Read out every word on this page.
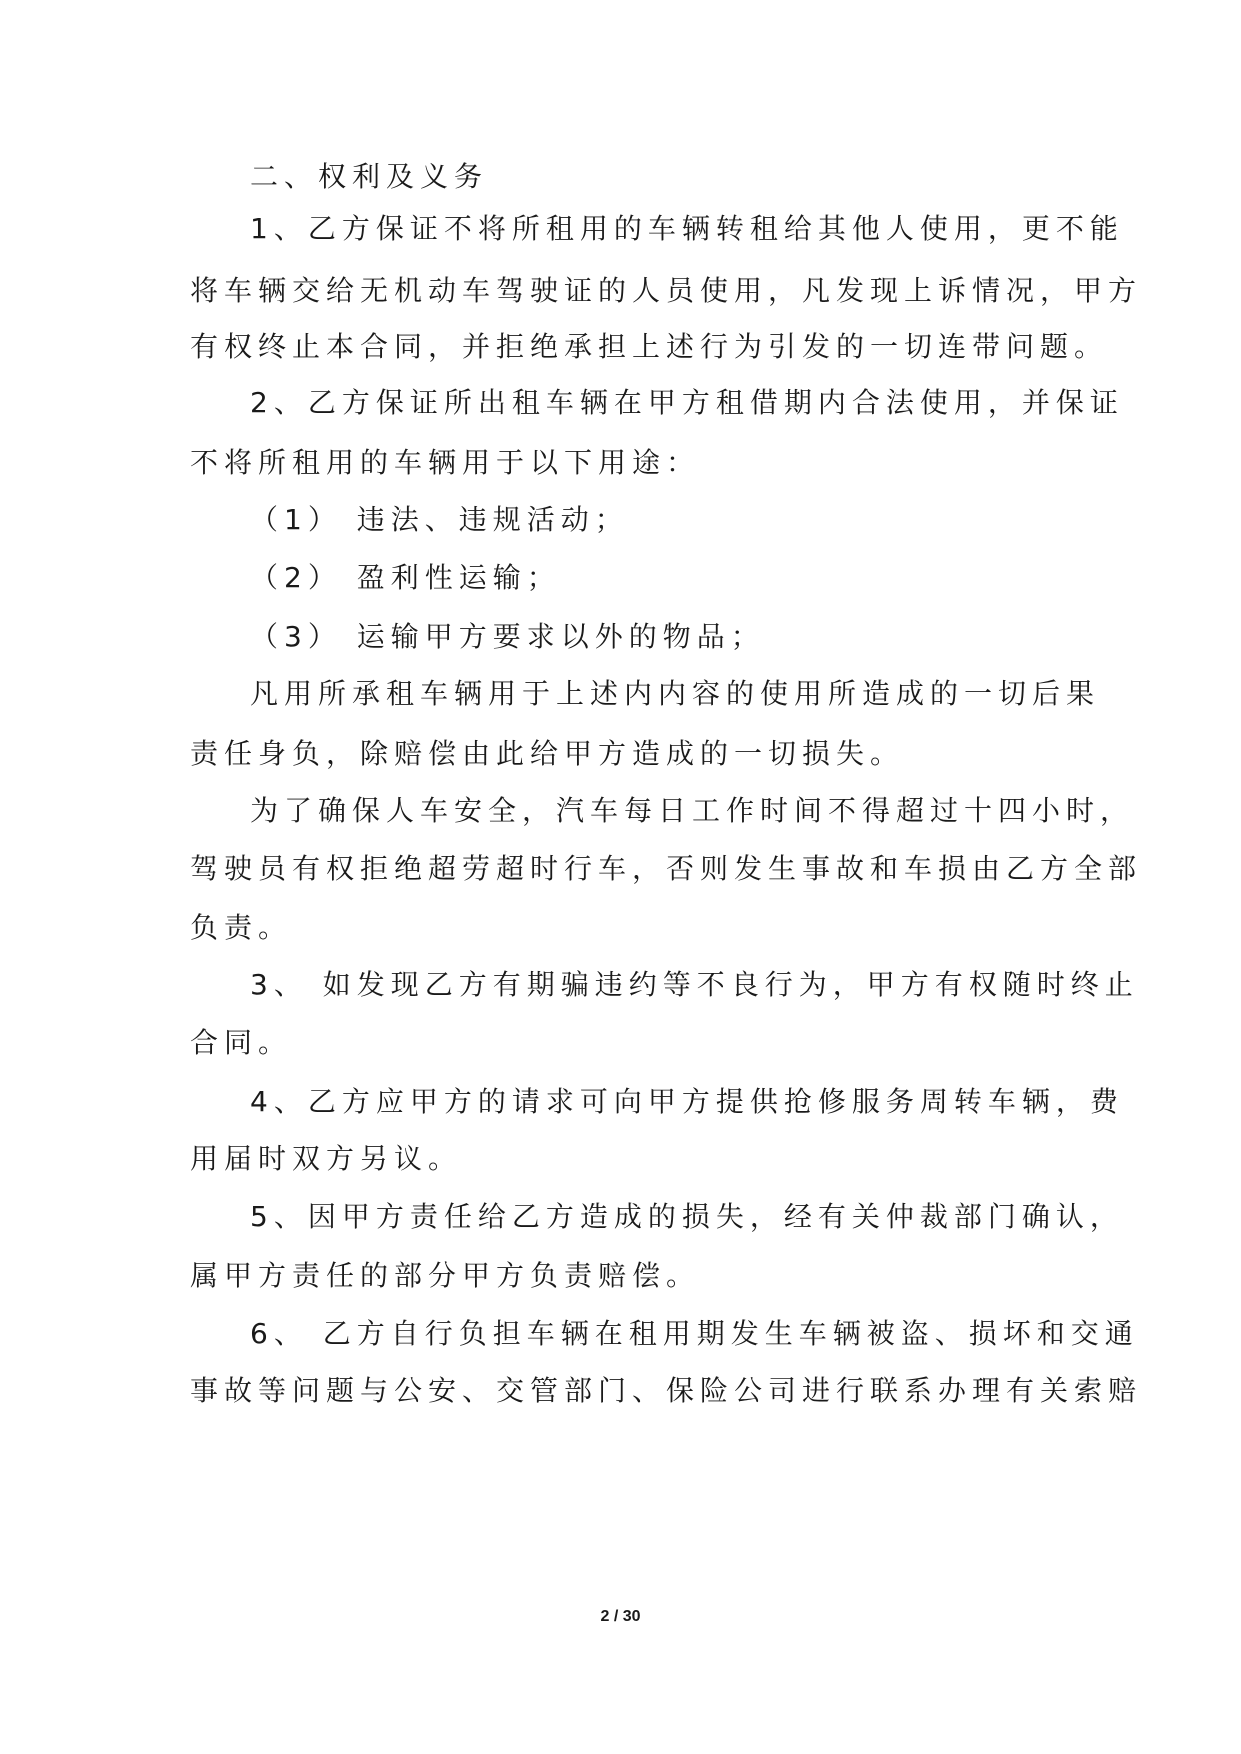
二、权利及义务

1、乙方保证不将所租用的车辆转租给其他人使用，更不能

将车辆交给无机动车驾驶证的人员使用，凡发现上诉情况，甲方

有权终止本合同，并拒绝承担上述行为引发的一切连带问题。

2、乙方保证所出租车辆在甲方租借期内合法使用，并保证

不将所租用的车辆用于以下用途：

（1） 违法、违规活动；

（2） 盈利性运输；

（3） 运输甲方要求以外的物品；

凡用所承租车辆用于上述内内容的使用所造成的一切后果

责任身负，除赔偿由此给甲方造成的一切损失。

为了确保人车安全，汽车每日工作时间不得超过十四小时，

驾驶员有权拒绝超劳超时行车，否则发生事故和车损由乙方全部

负责。

3、 如发现乙方有期骗违约等不良行为，甲方有权随时终止

合同。

4、乙方应甲方的请求可向甲方提供抢修服务周转车辆，费

用届时双方另议。

5、因甲方责任给乙方造成的损失，经有关仲裁部门确认，

属甲方责任的部分甲方负责赔偿。

6、 乙方自行负担车辆在租用期发生车辆被盗、损坏和交通

事故等问题与公安、交管部门、保险公司进行联系办理有关索赔

2 / 30
